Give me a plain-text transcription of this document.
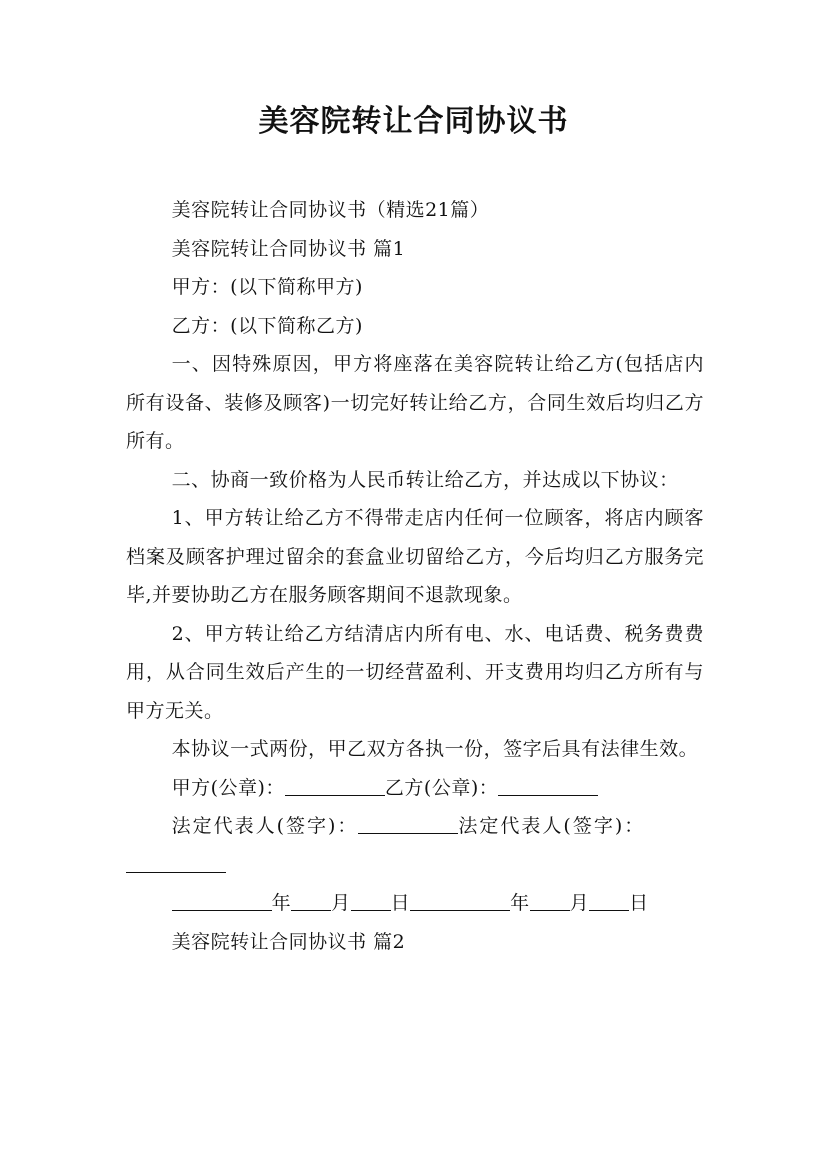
美容院转让合同协议书

美容院转让合同协议书（精选21篇）

美容院转让合同协议书 篇1

甲方：(以下简称甲方)

乙方：(以下简称乙方)

一、因特殊原因，甲方将座落在美容院转让给乙方(包括店内所有设备、装修及顾客)一切完好转让给乙方，合同生效后均归乙方所有。

二、协商一致价格为人民币转让给乙方，并达成以下协议：

1、甲方转让给乙方不得带走店内任何一位顾客，将店内顾客档案及顾客护理过留余的套盒业切留给乙方，今后均归乙方服务完毕,并要协助乙方在服务顾客期间不退款现象。

2、甲方转让给乙方结清店内所有电、水、电话费、税务费费用，从合同生效后产生的一切经营盈利、开支费用均归乙方所有与甲方无关。

本协议一式两份，甲乙双方各执一份，签字后具有法律生效。

甲方(公章)：	乙方(公章)：

法定代表人(签字)：	法定代表人(签字)：

年 月 日	年 月 日

美容院转让合同协议书 篇2
